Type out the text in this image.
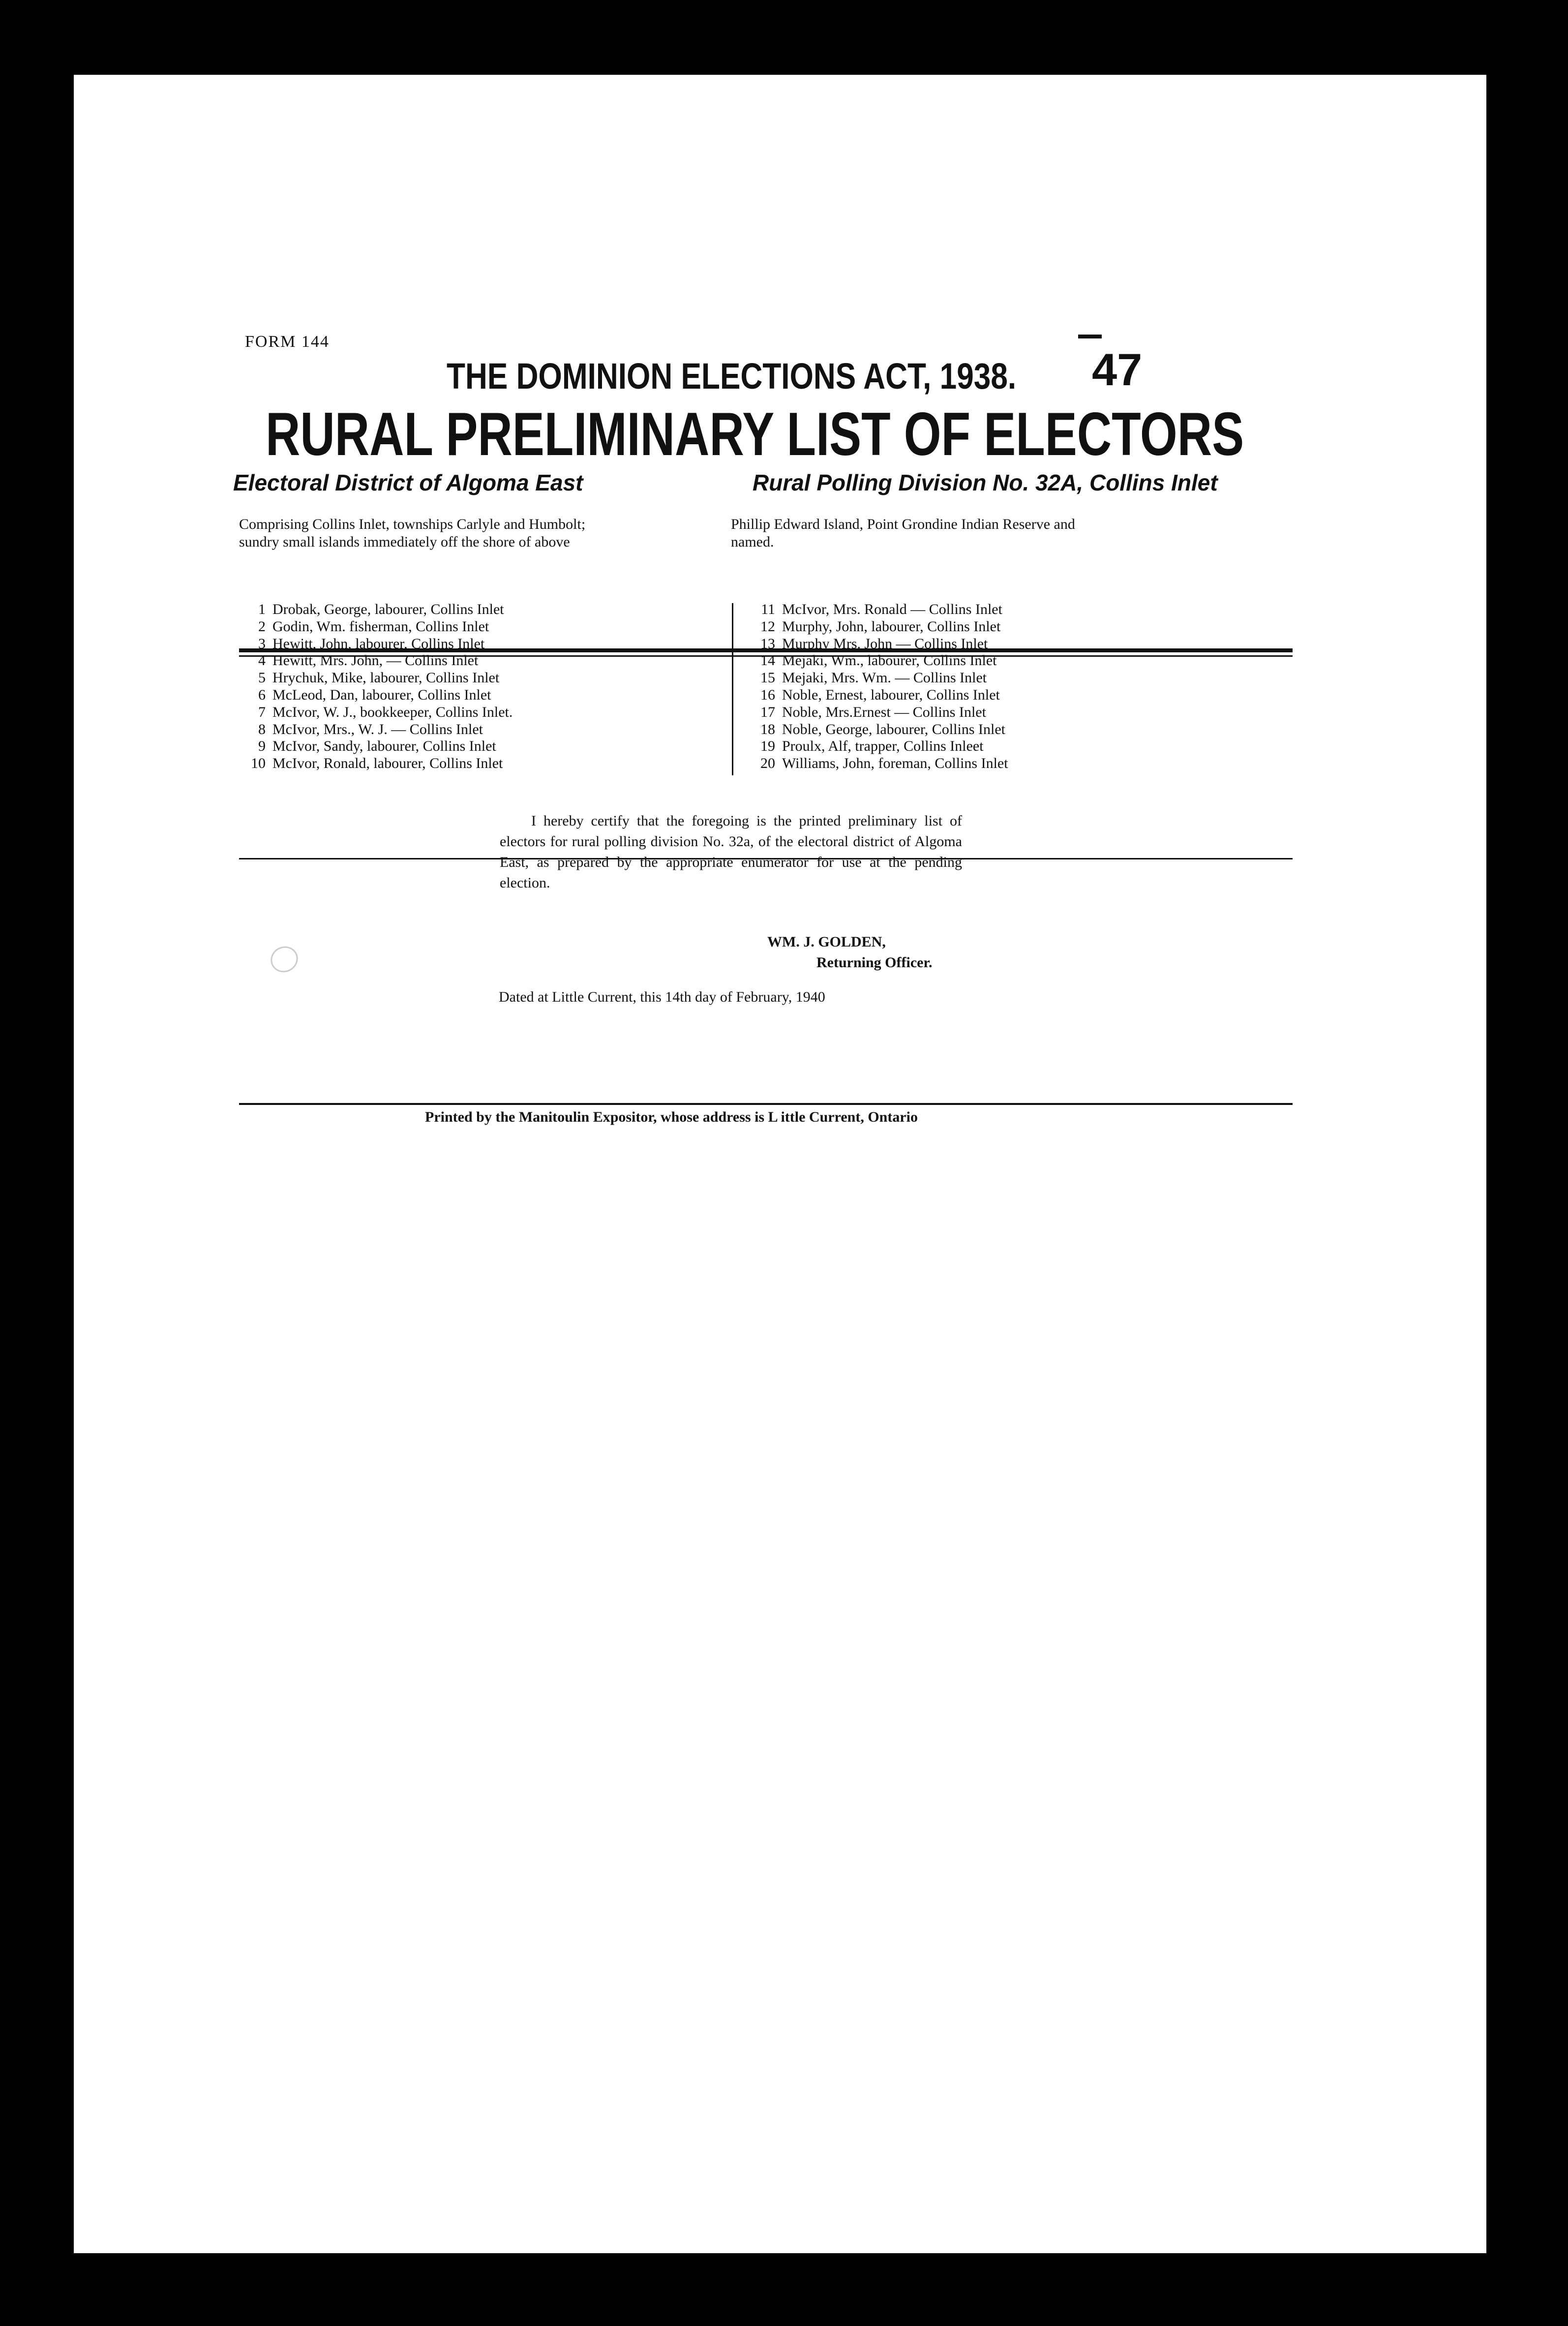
FORM 144
THE DOMINION ELECTIONS ACT, 1938. 47
RURAL PRELIMINARY LIST OF ELECTORS
Electoral District of Algoma East	Rural Polling Division No. 32A, Collins Inlet
Comprising Collins Inlet, townships Carlyle and Humbolt;
sundry small islands immediately off the shore of above
Phillip Edward Island, Point Grondine Indian Reserve and
named.
1 Drobak, George, labourer, Collins Inlet
2 Godin, Wm. fisherman, Collins Inlet
3 Hewitt, John, labourer, Collins Inlet
4 Hewitt, Mrs. John, — Collins Inlet
5 Hrychuk, Mike, labourer, Collins Inlet
6 McLeod, Dan, labourer, Collins Inlet
7 McIvor, W. J., bookkeeper, Collins Inlet.
8 McIvor, Mrs., W. J. — Collins Inlet
9 McIvor, Sandy, labourer, Collins Inlet
10 McIvor, Ronald, labourer, Collins Inlet
11 McIvor, Mrs. Ronald — Collins Inlet
12 Murphy, John, labourer, Collins Inlet
13 Murphy Mrs. John — Collins Inlet
14 Mejaki, Wm., labourer, Collins Inlet
15 Mejaki, Mrs. Wm. — Collins Inlet
16 Noble, Ernest, labourer, Collins Inlet
17 Noble, Mrs.Ernest — Collins Inlet
18 Noble, George, labourer, Collins Inlet
19 Proulx, Alf, trapper, Collins Inleet
20 Williams, John, foreman, Collins Inlet
I hereby certify that the foregoing is the printed preliminary list of electors for rural polling division No. 32a, of the electoral district of Algoma East, as prepared by the appropriate enumerator for use at the pending election.
WM. J. GOLDEN,
Returning Officer.
Dated at Little Current, this 14th day of February, 1940
Printed by the Manitoulin Expositor, whose address is L ittle Current, Ontario
